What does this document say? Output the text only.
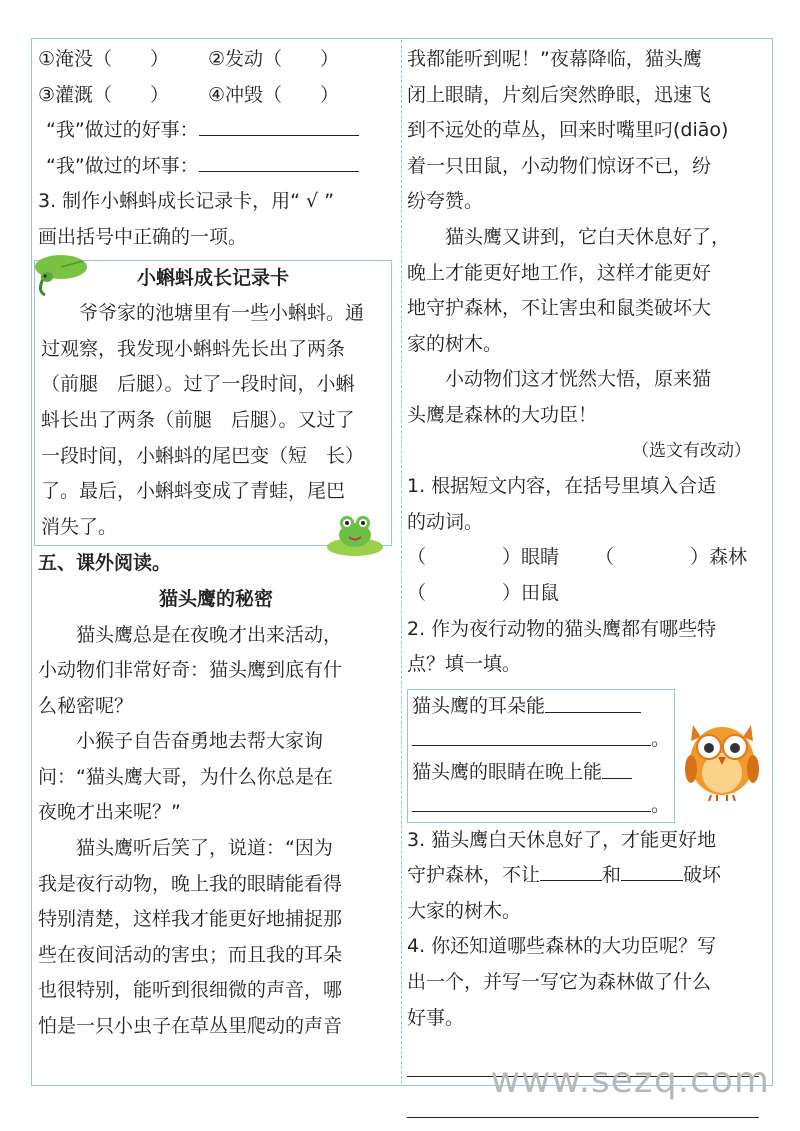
①淹没（　　）	②发动（　　）
③灌溉（　　）	④冲毁（　　）
“我”做过的好事：
“我”做过的坏事：
3. 制作小蝌蚪成长记录卡，用“ √ ”
画出括号中正确的一项。
小蝌蚪成长记录卡
爷爷家的池塘里有一些小蝌蚪。通
过观察，我发现小蝌蚪先长出了两条
（前腿　后腿）。过了一段时间，小蝌
蚪长出了两条（前腿　后腿）。又过了
一段时间，小蝌蚪的尾巴变（短　长）
了。最后，小蝌蚪变成了青蛙，尾巴
消失了。
五、课外阅读。
猫头鹰的秘密
猫头鹰总是在夜晚才出来活动，
小动物们非常好奇：猫头鹰到底有什
么秘密呢？
小猴子自告奋勇地去帮大家询
问：“猫头鹰大哥，为什么你总是在
夜晚才出来呢？”
猫头鹰听后笑了，说道：“因为
我是夜行动物，晚上我的眼睛能看得
特别清楚，这样我才能更好地捕捉那
些在夜间活动的害虫；而且我的耳朵
也很特别，能听到很细微的声音，哪
怕是一只小虫子在草丛里爬动的声音
我都能听到呢！”夜幕降临，猫头鹰
闭上眼睛，片刻后突然睁眼，迅速飞
到不远处的草丛，回来时嘴里叼(diāo)
着一只田鼠，小动物们惊讶不已，纷
纷夸赞。
猫头鹰又讲到，它白天休息好了，
晚上才能更好地工作，这样才能更好
地守护森林，不让害虫和鼠类破坏大
家的树木。
小动物们这才恍然大悟，原来猫
头鹰是森林的大功臣！
（选文有改动）
1. 根据短文内容，在括号里填入合适
的动词。
（　　　　）眼睛	（　　　　）森林
（　　　　）田鼠
2. 作为夜行动物的猫头鹰都有哪些特
点？填一填。
猫头鹰的耳朵能
。
猫头鹰的眼睛在晚上能
。
3. 猫头鹰白天休息好了，才能更好地
守护森林，不让	和	破坏
大家的树木。
4. 你还知道哪些森林的大功臣呢？写
出一个，并写一写它为森林做了什么
好事。
www.sezq.com
